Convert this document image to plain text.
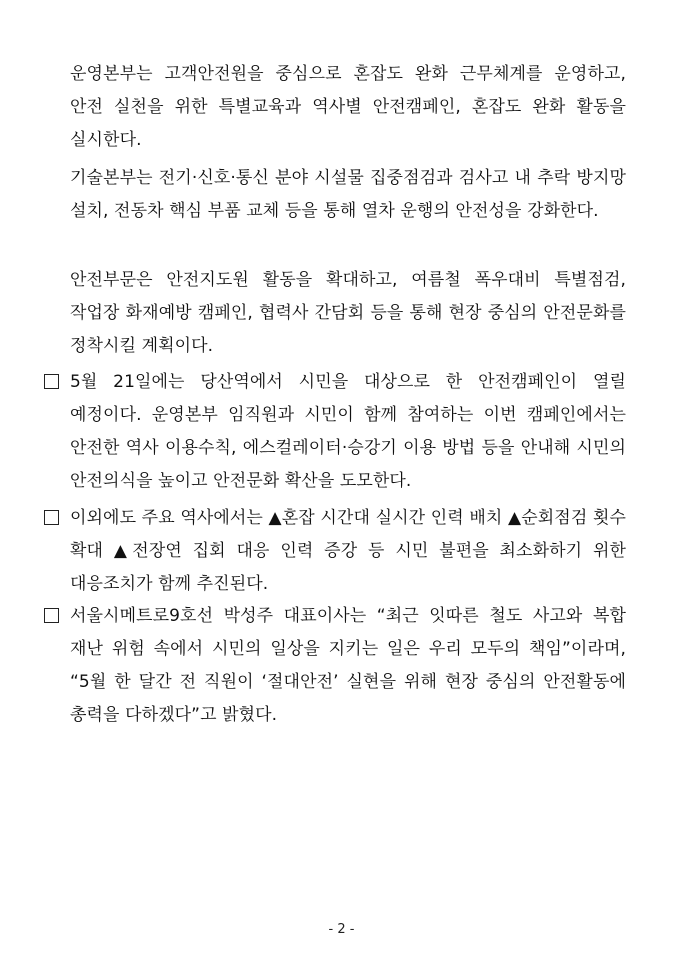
운영본부는 고객안전원을 중심으로 혼잡도 완화 근무체계를 운영하고, 안전 실천을 위한 특별교육과 역사별 안전캠페인, 혼잡도 완화 활동을 실시한다.

기술본부는 전기·신호·통신 분야 시설물 집중점검과 검사고 내 추락 방지망 설치, 전동차 핵심 부품 교체 등을 통해 열차 운행의 안전성을 강화한다.

안전부문은 안전지도원 활동을 확대하고, 여름철 폭우대비 특별점검, 작업장 화재예방 캠페인, 협력사 간담회 등을 통해 현장 중심의 안전문화를 정착시킬 계획이다.

5월 21일에는 당산역에서 시민을 대상으로 한 안전캠페인이 열릴 예정이다. 운영본부 임직원과 시민이 함께 참여하는 이번 캠페인에서는 안전한 역사 이용수칙, 에스컬레이터·승강기 이용 방법 등을 안내해 시민의 안전의식을 높이고 안전문화 확산을 도모한다.

이외에도 주요 역사에서는 ▲혼잡 시간대 실시간 인력 배치 ▲순회점검 횟수 확대 ▲전장연 집회 대응 인력 증강 등 시민 불편을 최소화하기 위한 대응조치가 함께 추진된다.

서울시메트로9호선 박성주 대표이사는 “최근 잇따른 철도 사고와 복합 재난 위험 속에서 시민의 일상을 지키는 일은 우리 모두의 책임”이라며, “5월 한 달간 전 직원이 ‘절대안전’ 실현을 위해 현장 중심의 안전활동에 총력을 다하겠다”고 밝혔다.

- 2 -
